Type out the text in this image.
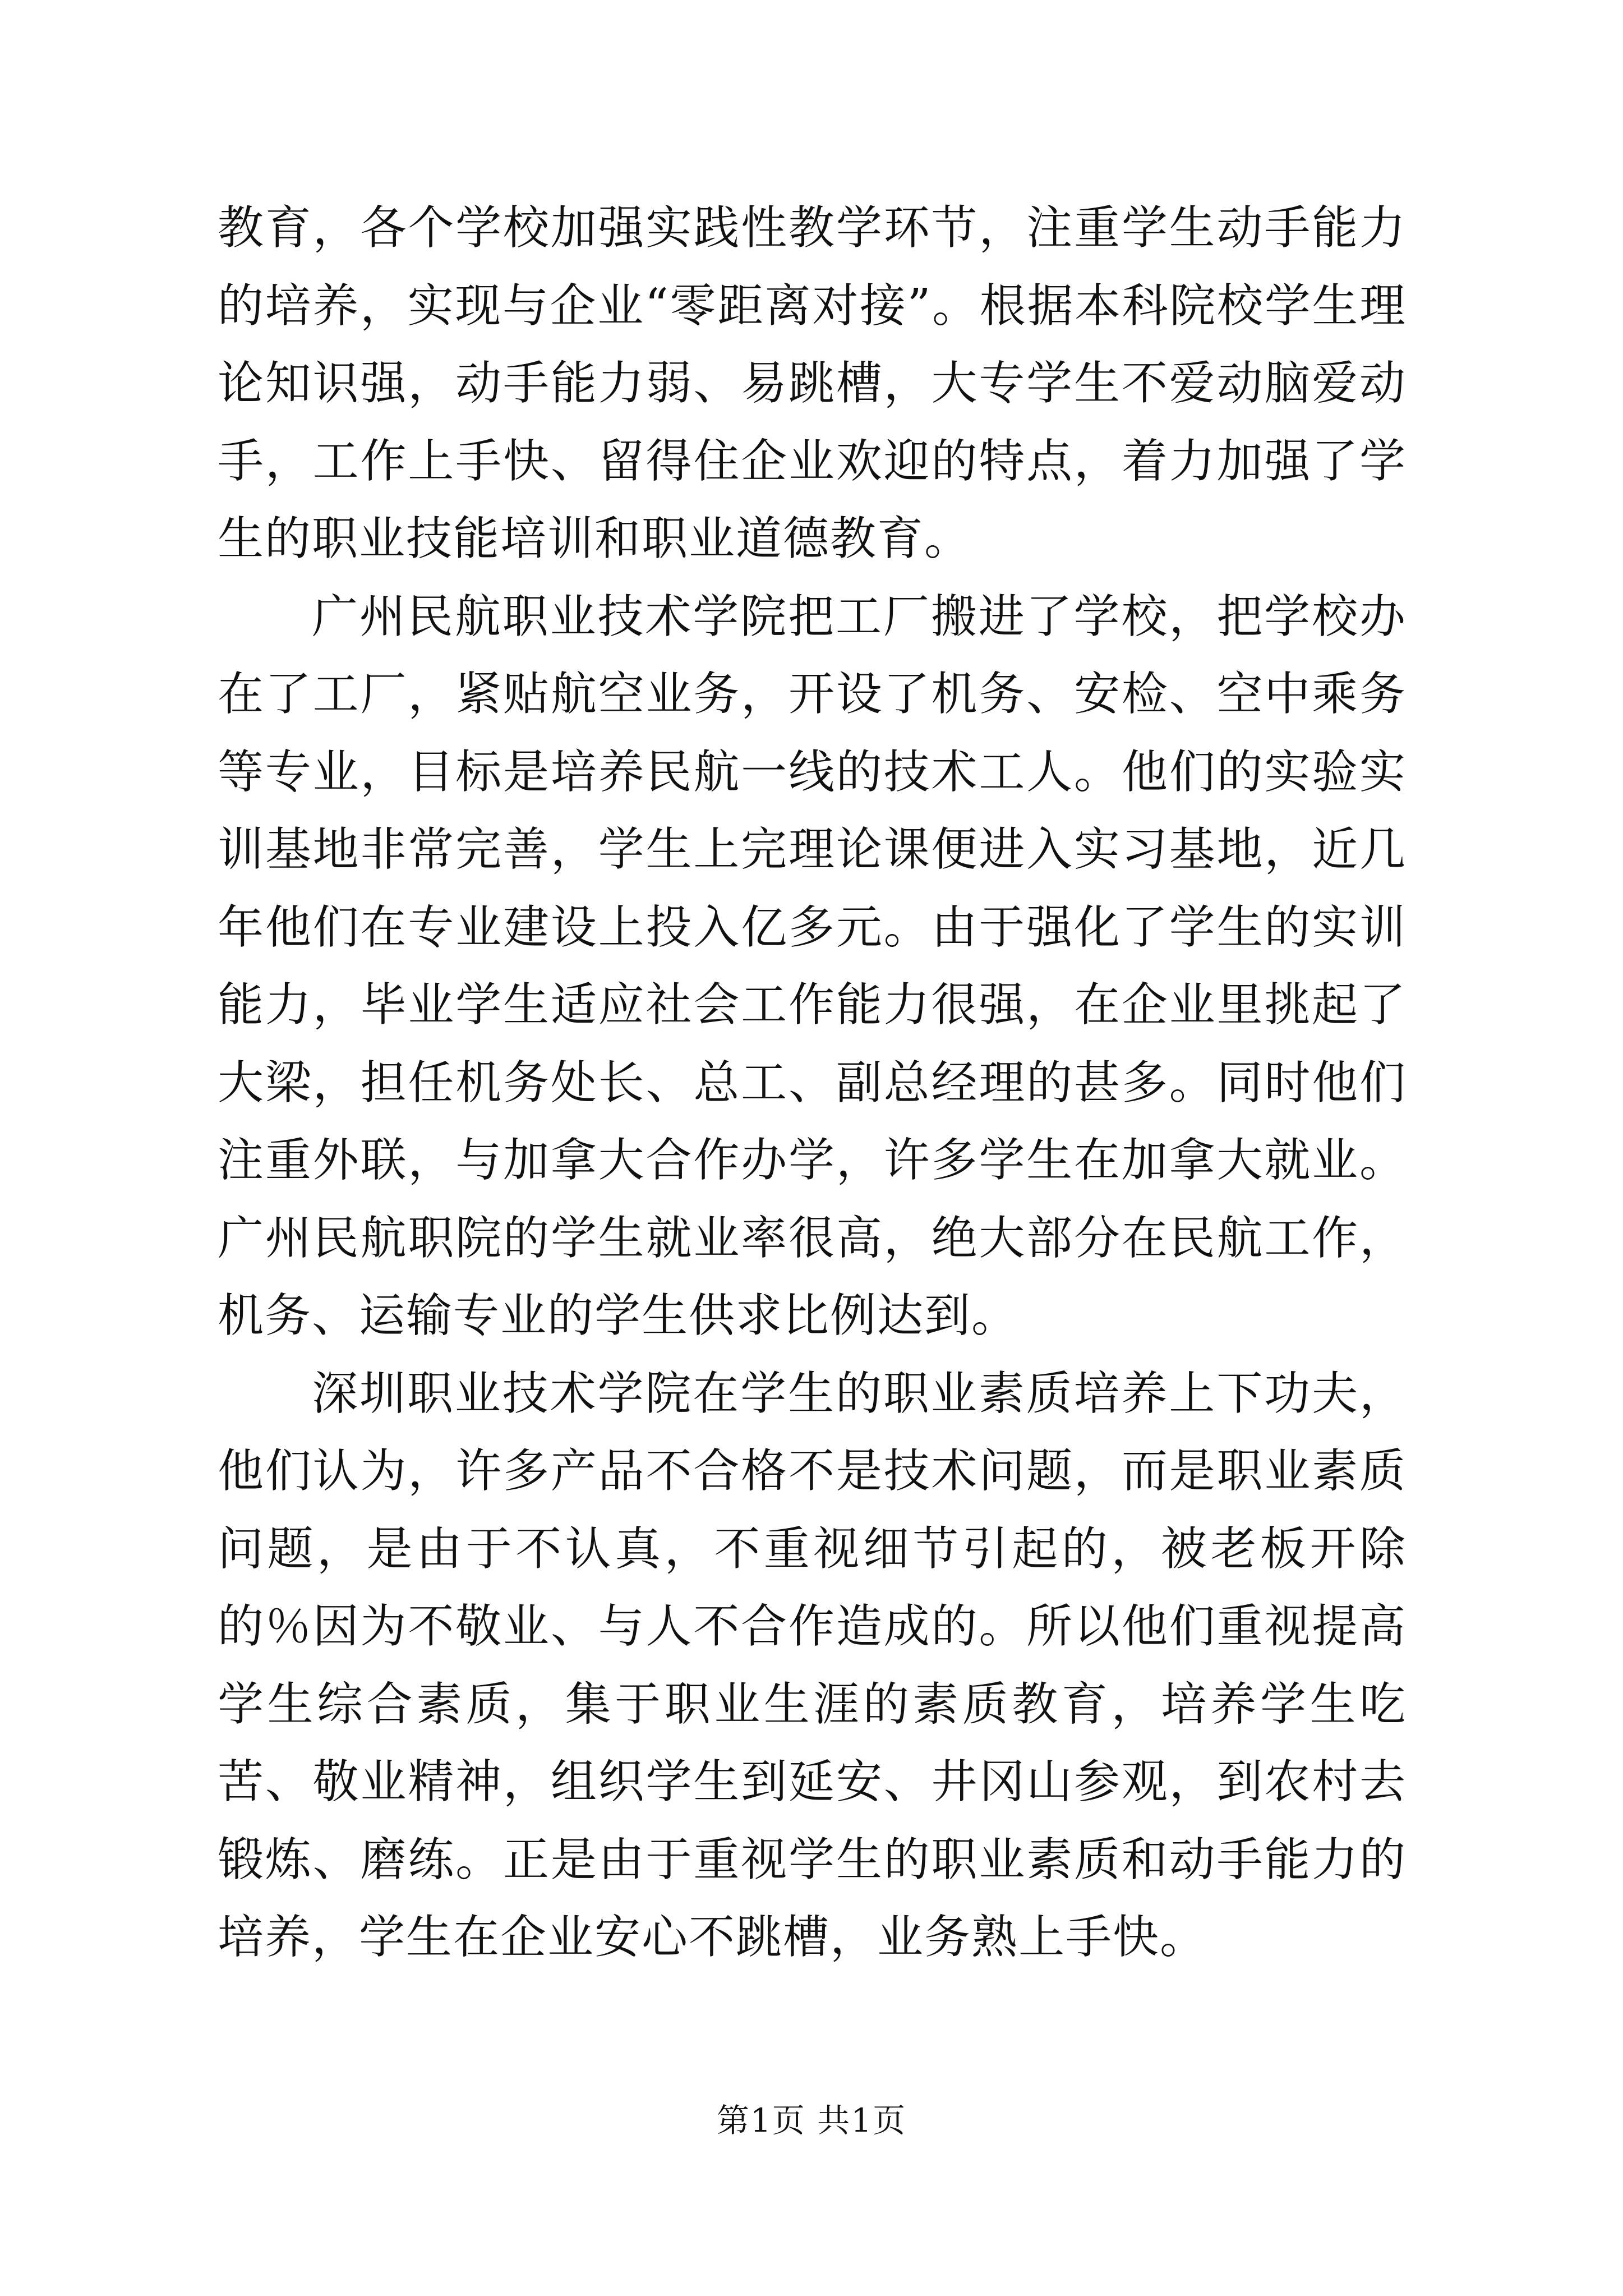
教育，各个学校加强实践性教学环节，注重学生动手能力的培养，实现与企业“零距离对接”。根据本科院校学生理论知识强，动手能力弱、易跳槽，大专学生不爱动脑爱动手，工作上手快、留得住企业欢迎的特点，着力加强了学生的职业技能培训和职业道德教育。

广州民航职业技术学院把工厂搬进了学校，把学校办在了工厂，紧贴航空业务，开设了机务、安检、空中乘务等专业，目标是培养民航一线的技术工人。他们的实验实训基地非常完善，学生上完理论课便进入实习基地，近几年他们在专业建设上投入亿多元。由于强化了学生的实训能力，毕业学生适应社会工作能力很强，在企业里挑起了大梁，担任机务处长、总工、副总经理的甚多。同时他们注重外联，与加拿大合作办学，许多学生在加拿大就业。广州民航职院的学生就业率很高，绝大部分在民航工作，机务、运输专业的学生供求比例达到。

深圳职业技术学院在学生的职业素质培养上下功夫，他们认为，许多产品不合格不是技术问题，而是职业素质问题，是由于不认真，不重视细节引起的，被老板开除的％因为不敬业、与人不合作造成的。所以他们重视提高学生综合素质，集于职业生涯的素质教育，培养学生吃苦、敬业精神，组织学生到延安、井冈山参观，到农村去锻炼、磨练。正是由于重视学生的职业素质和动手能力的培养，学生在企业安心不跳槽，业务熟上手快。

第1页 共1页
